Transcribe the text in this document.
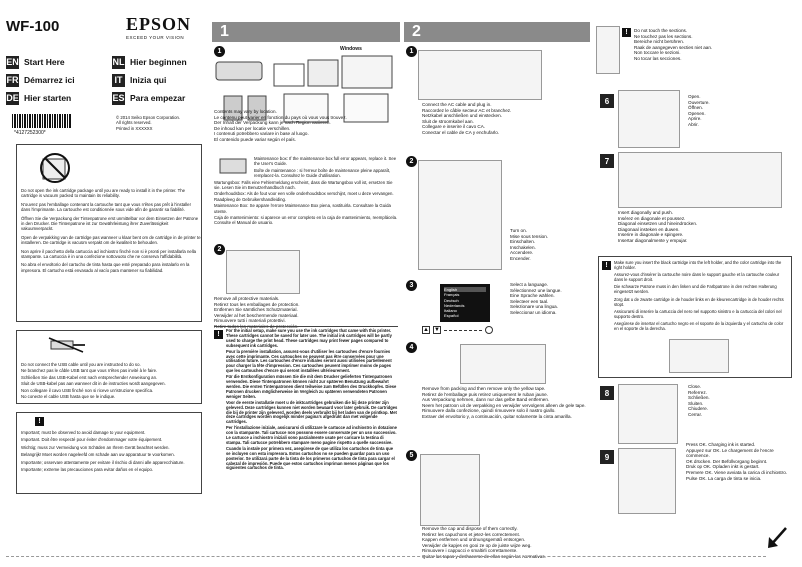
WF-100	EPSON
EXCEED YOUR VISION
EN Start Here	NL Hier beginnen
FR Démarrez ici	IT Inizia qui
DE Hier starten	ES Para empezar
*4127252300*
© 2014 Seiko Epson Corporation.
All rights reserved.
Printed in XXXXXX

Do not open the ink cartridge package until you are ready to install it in the printer. The cartridge is vacuum packed to maintain its reliability.

N'ouvrez pas l'emballage contenant la cartouche tant que vous n'êtes pas prêt à l'installer dans l'imprimante. La cartouche est conditionnée sous vide afin de garantir sa fiabilité.

Öffnen Sie die Verpackung der Tintenpatrone erst unmittelbar vor dem Einsetzen der Patrone in den Drucker. Die Tintenpatrone ist zur Gewährleistung ihrer Zuverlässigkeit vakuumverpackt.

Open de verpakking van de cartridge pas wanneer u klaar bent om de cartridge in de printer te installeren. De cartridge is vacuüm verpakt om de kwaliteit te behouden.

Non aprire il pacchetto della cartuccia ad inchiostro finché non si è pronti per installarla nella stampante. La cartuccia è in una confezione sottovuoto che ne conserva l'affidabilità.

No abra el envoltorio del cartucho de tinta hasta que esté preparado para instalarlo en la impresora. El cartucho está envasado al vacío para mantener su fiabilidad.

Do not connect the USB cable until you are instructed to do so.

Ne branchez pas le câble USB tant que vous n'êtes pas invité à le faire.

Schließen Sie das USB-Kabel erst nach entsprechender Anweisung an.

Sluit de USB-kabel pas aan wanneer dit in de instructies wordt aangegeven.

Non collegare il cavo USB finché non si riceve un'istruzione specifica.

No conecte el cable USB hasta que se le indique.

!

Important; must be observed to avoid damage to your equipment.

Important. Doit être respecté pour éviter d'endommager votre équipement.

Wichtig; muss zur Vermeidung von Schäden an Ihrem Gerät beachtet werden.

Belangrijk! Moet worden nageleefd om schade aan uw apparatuur te voorkomen.

Importante; osservare attentamente per evitare il rischio di danni alle apparecchiature.

Importante; extreme las precauciones para evitar daños en el equipo.

1
1	Windows
Contents may vary by location.
Le contenu peut varier en fonction du pays où vous vous trouvez.
Der Inhalt der Verpackung kann je nach Region variieren.
De inhoud kan per locatie verschillen.
I contenuti potrebbero variare in base al luogo.
El contenido puede variar según el país.

Maintenance box: If the maintenance box full error appears, replace it. See the User's Guide.

Boîte de maintenance : si l'erreur boîte de maintenance pleine apparaît, remplacez-la. Consultez le Guide d'utilisation.

Wartungsbox: Falls eine Fehlermeldung erscheint, dass die Wartungsbox voll ist, ersetzen Sie sie. Lesen Sie im Benutzerhandbuch nach.

Onderhoudsbox: Als de fout voor een volle onderhoudsbox verschijnt, moet u deze vervangen. Raadpleeg de Gebruikershandleiding.

Maintenance Box: Se appare l'errore Maintenance Box piena, sostituirla. Consultare la Guida utente.

Caja de mantenimiento: si aparece un error completo en la caja de mantenimiento, reemplácela. Consulte el Manual de usuario.

2
Remove all protective materials.
Retirez tous les emballages de protection.
Entfernen Sie sämtliches Schutzmaterial.
Verwijder al het beschermende materiaal.
Rimuovere tutti i materiali protettivi.
Retire todos los materiales de protección.
!

For the initial setup, make sure you use the ink cartridges that came with this printer. These cartridges cannot be saved for later use. The initial ink cartridges will be partly used to charge the print head. These cartridges may print fewer pages compared to subsequent ink cartridges.

Pour la première installation, assurez-vous d'utiliser les cartouches d'encre fournies avec cette imprimante. Ces cartouches ne peuvent pas être conservées pour une utilisation future. Les cartouches d'encre initiales seront aussi utilisées partiellement pour charger la tête d'impression. Ces cartouches peuvent imprimer moins de pages que les cartouches d'encre qui seront installées ultérieurement.

Für die Erstkonfiguration müssen Sie die mit dem Drucker gelieferten Tintenpatronen verwenden. Diese Tintenpatronen können nicht zur späteren Benutzung aufbewahrt werden. Die ersten Tintenpatronen dient teilweise zum Befüllen des Druckkopfes. Diese Patronen drucken möglicherweise im Vergleich zu späteren verwendeten Patronen weniger Seiten.

Voor de eerste installatie moet u de inktcartridges gebruiken die bij deze printer zijn geleverd. Deze cartridges kunnen niet worden bewaard voor later gebruik. De cartridges die bij de printer zijn geleverd, worden deels verbruikt bij het laden van de printkop. Met deze cartridges worden mogelijk minder pagina's afgedrukt dan met volgende cartridges.

Per l'installazione iniziale, assicurarsi di utilizzare le cartucce ad inchiostro in dotazione con la stampante. Tali cartucce non possono essere conservate per un uso successivo. Le cartucce a inchiostro iniziali sono parzialmente usate per caricare la testina di stampa. Tali cartucce potrebbero stampare meno pagine rispetto a quelle successive.

Cuando la instale por primera vez, asegúrese de que utiliza los cartuchos de tinta que se incluyen con esta impresora. Estos cartuchos no se pueden guardar para un uso posterior. Se utilizará parte de la tinta de los primeros cartuchos de tinta para cargar el cabezal de impresión. Puede que estos cartuchos impriman menos páginas que los siguientes cartuchos de tinta.

2
1
Connect the AC cable and plug in.
Raccordez le câble secteur AC et branchez.
Netzkabel anschließen und einstecken.
Sluit de stroomkabel aan.
Collegare e inserire il cavo CA.
Conectar el cable de CA y enchufarlo.
2
Turn on.
Mise sous tension.
Einschalten.
Inschakelen.
Accendere.
Encender.
3
English
Français
Deutsch
Nederlands
Italiano
Español
▲ ▼
Select a language.
Sélectionnez une langue.
Eine Sprache wählen.
Selecteer een taal.
Selezionare una lingua.
Seleccionar un idioma.
4
Remove from packing and then remove only the yellow tape.
Retirez de l'emballage puis retirez uniquement le ruban jaune.
Aus Verpackung nehmen, dann nur das gelbe Band entfernen.
Neem het patroon uit de verpakking en verwijder vervolgens alleen de gele tape.
Rimuovere dalla confezione, quindi rimuovere solo il nastro giallo.
Extraer del envoltorio y, a continuación, quitar solamente la cinta amarilla.
5
Remove the cap and dispose of them correctly.
Retirez les capuchons et jetez-les correctement.
Kappen entfernen und ordnungsgemäß entsorgen.
Verwijder de kapjes en gooi ze op de juiste wijze weg.
Rimuovere i cappucci e smaltirli correttamente.
Quitar las tapas y deshacerse de ellas según las normativas.
!	Do not touch the sections.
Ne touchez pas les sections.
Bereiche nicht berühren.
Raak de aangegeven secties niet aan.
Non toccare le sezioni.
No tocar las secciones.
6	Open.
Ouverture.
Öffnen.
Openen.
Aprire.
Abrir.
7
Insert diagonally and push.
Insérez en diagonale et poussez.
Diagonal einsetzen und hineindrücken.
Diagonaal insteken en duwen.
Inserire in diagonale e spingere.
Insertar diagonalmente y empujar.
!	Make sure you insert the black cartridge into the left holder, and the color cartridge into the right holder.

Assurez-vous d'insérer la cartouche noire dans le support gauche et la cartouche couleur dans le support droit.

Die schwarze Patrone muss in den linken und die Farbpatrone in den rechten Halterung eingesetzt werden.

Zorg dat u de zwarte cartridge in de houder links en de kleurencartridge in de houder rechts stopt.

Assicurarsi di inserire la cartuccia del nero nel supporto sinistro e la cartuccia del colori nel supporto destro.

Asegúrese de insertar el cartucho negro en el soporte de la izquierda y el cartucho de color en el soporte de la derecha.

8
Close.
Referrez.
Schließen.
Sluiten.
Chiudere.
Cerrar.
9
Press OK. Charging ink is started.
Appuyez sur OK. Le chargement de l'encre commence.
OK drücken. Der Befüllvorgang beginnt.
Druk op OK. Opladen inkt is gestart.
Premere OK. Viene avviata la carica di inchiostro.
Pulse OK. La carga de tinta se inicia.
